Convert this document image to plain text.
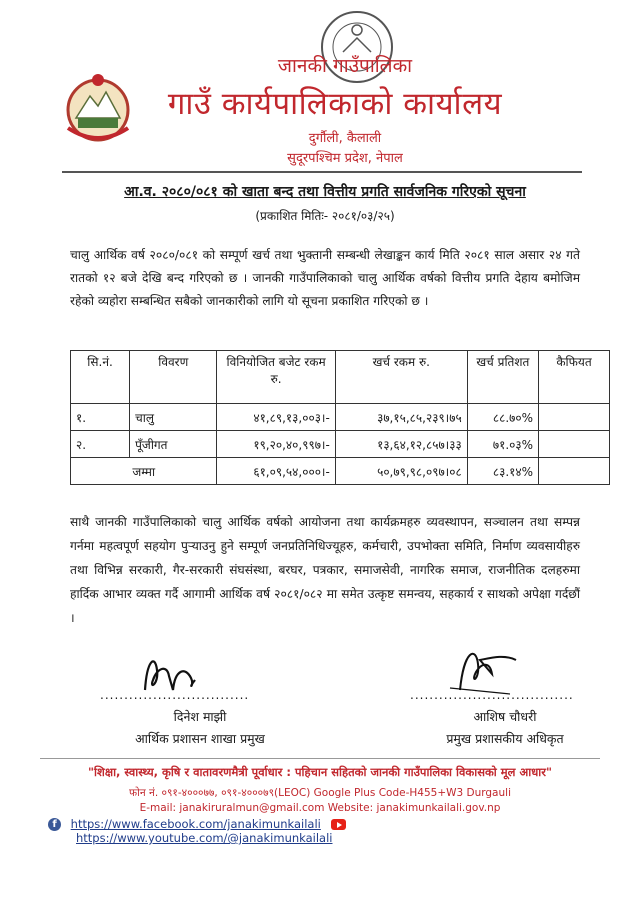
जानकी गाउँपालिका
गाउँ कार्यपालिकाको कार्यालय
दुर्गौली, कैलाली
सुदूरपश्चिम प्रदेश, नेपाल
आ.व. २०८०/०८१ को खाता बन्द तथा वित्तीय प्रगति सार्वजनिक गरिएको सूचना
(प्रकाशित मितिः- २०८१/०३/२५)
चालु आर्थिक वर्ष २०८०/०८१ को सम्पूर्ण खर्च तथा भुक्तानी सम्बन्धी लेखाङ्कन कार्य मिति २०८१ साल असार २४ गते रातको १२ बजे देखि बन्द गरिएको छ । जानकी गाउँपालिकाको चालु आर्थिक वर्षको वित्तीय प्रगति देहाय बमोजिम रहेको व्यहोरा सम्बन्धित सबैको जानकारीको लागि यो सूचना प्रकाशित गरिएको छ ।
सि.नं.	विवरण	विनियोजित बजेट रकम रु.	खर्च रकम रु.	खर्च प्रतिशत	कैफियत
१.	चालु	४१,८९,१३,००३।-	३७,१५,८५,२३९।७५	८८.७०%	
२.	पूँजीगत	१९,२०,४०,९९७।-	१३,६४,१२,८५७।३३	७१.०३%	
जम्मा		६१,०९,५४,०००।-	५०,७९,९८,०९७।०८	८३.१४%	
साथै जानकी गाउँपालिकाको चालु आर्थिक वर्षको आयोजना तथा कार्यक्रमहरु व्यवस्थापन, सञ्चालन तथा सम्पन्न गर्नमा महत्वपूर्ण सहयोग पुऱ्याउनु हुने सम्पूर्ण जनप्रतिनिधिज्यूहरु, कर्मचारी, उपभोक्ता समिति, निर्माण व्यवसायीहरु तथा विभिन्न सरकारी, गैर-सरकारी संघसंस्था, बरघर, पत्रकार, समाजसेवी, नागरिक समाज, राजनीतिक दलहरुमा हार्दिक आभार व्यक्त गर्दै आगामी आर्थिक वर्ष २०८१/०८२ मा समेत उत्कृष्ट समन्वय, सहकार्य र साथको अपेक्षा गर्दछौं ।
...............................	..................................
दिनेश माझी
आर्थिक प्रशासन शाखा प्रमुख
आशिष चौधरी
प्रमुख प्रशासकीय अधिकृत
"शिक्षा, स्वास्थ्य, कृषि र वातावरणमैत्री पूर्वाधार : पहिचान सहितको जानकी गाउँपालिका विकासको मूल आधार"
फोन नं. ०९१-४०००७७, ०९१-४०००७९(LEOC) Google Plus Code-H455+W3 Durgauli
E-mail: janakiruralmun@gmail.com Website: janakimunkailali.gov.np
f https://www.facebook.com/janakimunkailali  https://www.youtube.com/@janakimunkailali
